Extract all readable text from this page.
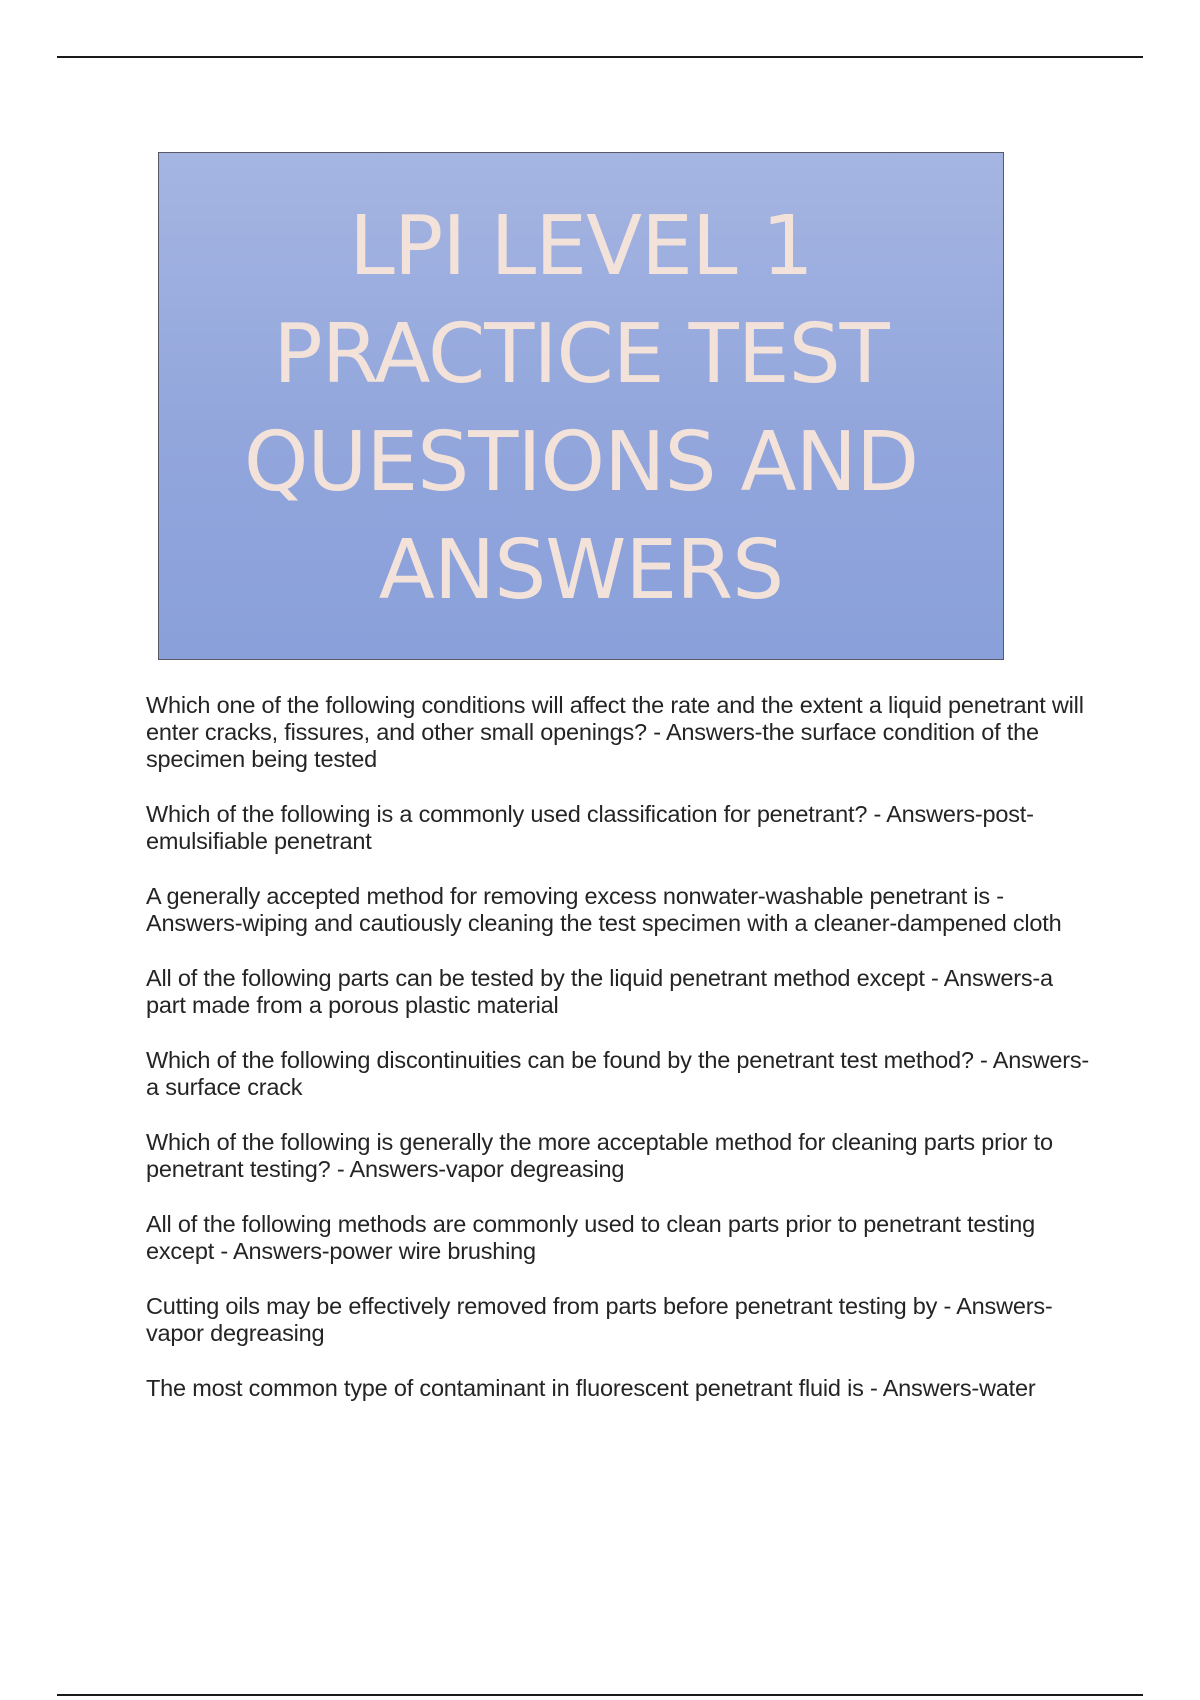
LPI LEVEL 1
PRACTICE TEST
QUESTIONS AND
ANSWERS
Which one of the following conditions will affect the rate and the extent a liquid penetrant will enter cracks, fissures, and other small openings? - Answers-the surface condition of the specimen being tested
Which of the following is a commonly used classification for penetrant? - Answers-post-emulsifiable penetrant
A generally accepted method for removing excess nonwater-washable penetrant is - Answers-wiping and cautiously cleaning the test specimen with a cleaner-dampened cloth
All of the following parts can be tested by the liquid penetrant method except - Answers-a part made from a porous plastic material
Which of the following discontinuities can be found by the penetrant test method? - Answers-a surface crack
Which of the following is generally the more acceptable method for cleaning parts prior to penetrant testing? - Answers-vapor degreasing
All of the following methods are commonly used to clean parts prior to penetrant testing except - Answers-power wire brushing
Cutting oils may be effectively removed from parts before penetrant testing by - Answers-vapor degreasing
The most common type of contaminant in fluorescent penetrant fluid is - Answers-water
